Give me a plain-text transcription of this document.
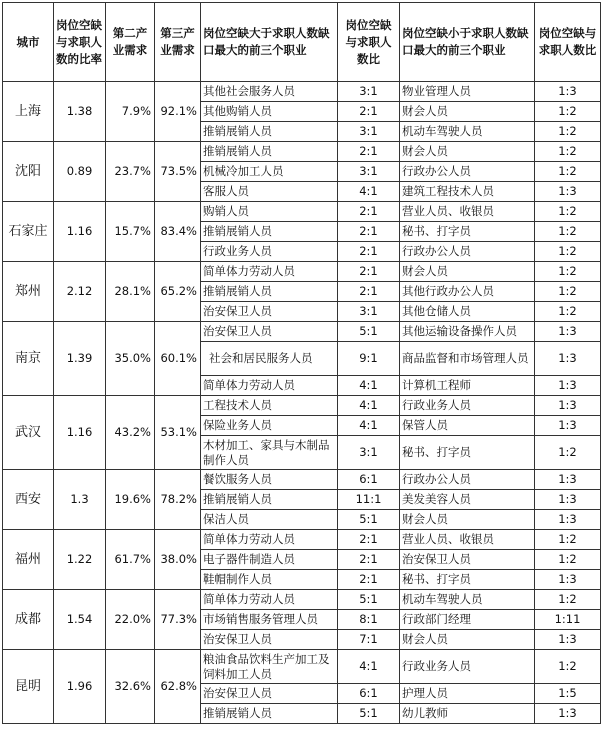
城市	岗位空缺与求职人数的比率	第二产业需求	第三产业需求	岗位空缺大于求职人数缺口最大的前三个职业	岗位空缺与求职人数比	岗位空缺小于求职人数缺口最大的前三个职业	岗位空缺与求职人数比
上海	1.38	7.9%	92.1%	其他社会服务人员	3:1	物业管理人员	1:3
				其他购销人员	2:1	财会人员	1:2
				推销展销人员	3:1	机动车驾驶人员	1:2
沈阳	0.89	23.7%	73.5%	推销展销人员	2:1	财会人员	1:2
				机械冷加工人员	3:1	行政办公人员	1:2
				客服人员	4:1	建筑工程技术人员	1:3
石家庄	1.16	15.7%	83.4%	购销人员	2:1	营业人员、收银员	1:2
				推销展销人员	2:1	秘书、打字员	1:2
				行政业务人员	2:1	行政办公人员	1:2
郑州	2.12	28.1%	65.2%	简单体力劳动人员	2:1	财会人员	1:2
				推销展销人员	2:1	其他行政办公人员	1:2
				治安保卫人员	3:1	其他仓储人员	1:2
南京	1.39	35.0%	60.1%	治安保卫人员	5:1	其他运输设备操作人员	1:3
				社会和居民服务人员	9:1	商品监督和市场管理人员	1:3
				简单体力劳动人员	4:1	计算机工程师	1:3
武汉	1.16	43.2%	53.1%	工程技术人员	4:1	行政业务人员	1:3
				保险业务人员	4:1	保管人员	1:3
				木材加工、家具与木制品制作人员	3:1	秘书、打字员	1:2
西安	1.3	19.6%	78.2%	餐饮服务人员	6:1	行政办公人员	1:3
				推销展销人员	11:1	美发美容人员	1:3
				保洁人员	5:1	财会人员	1:3
福州	1.22	61.7%	38.0%	简单体力劳动人员	2:1	营业人员、收银员	1:2
				电子器件制造人员	2:1	治安保卫人员	1:2
				鞋帽制作人员	2:1	秘书、打字员	1:3
成都	1.54	22.0%	77.3%	简单体力劳动人员	5:1	机动车驾驶人员	1:2
				市场销售服务管理人员	8:1	行政部门经理	1:11
				治安保卫人员	7:1	财会人员	1:3
昆明	1.96	32.6%	62.8%	粮油食品饮料生产加工及饲料加工人员	4:1	行政业务人员	1:2
				治安保卫人员	6:1	护理人员	1:5
				推销展销人员	5:1	幼儿教师	1:3
